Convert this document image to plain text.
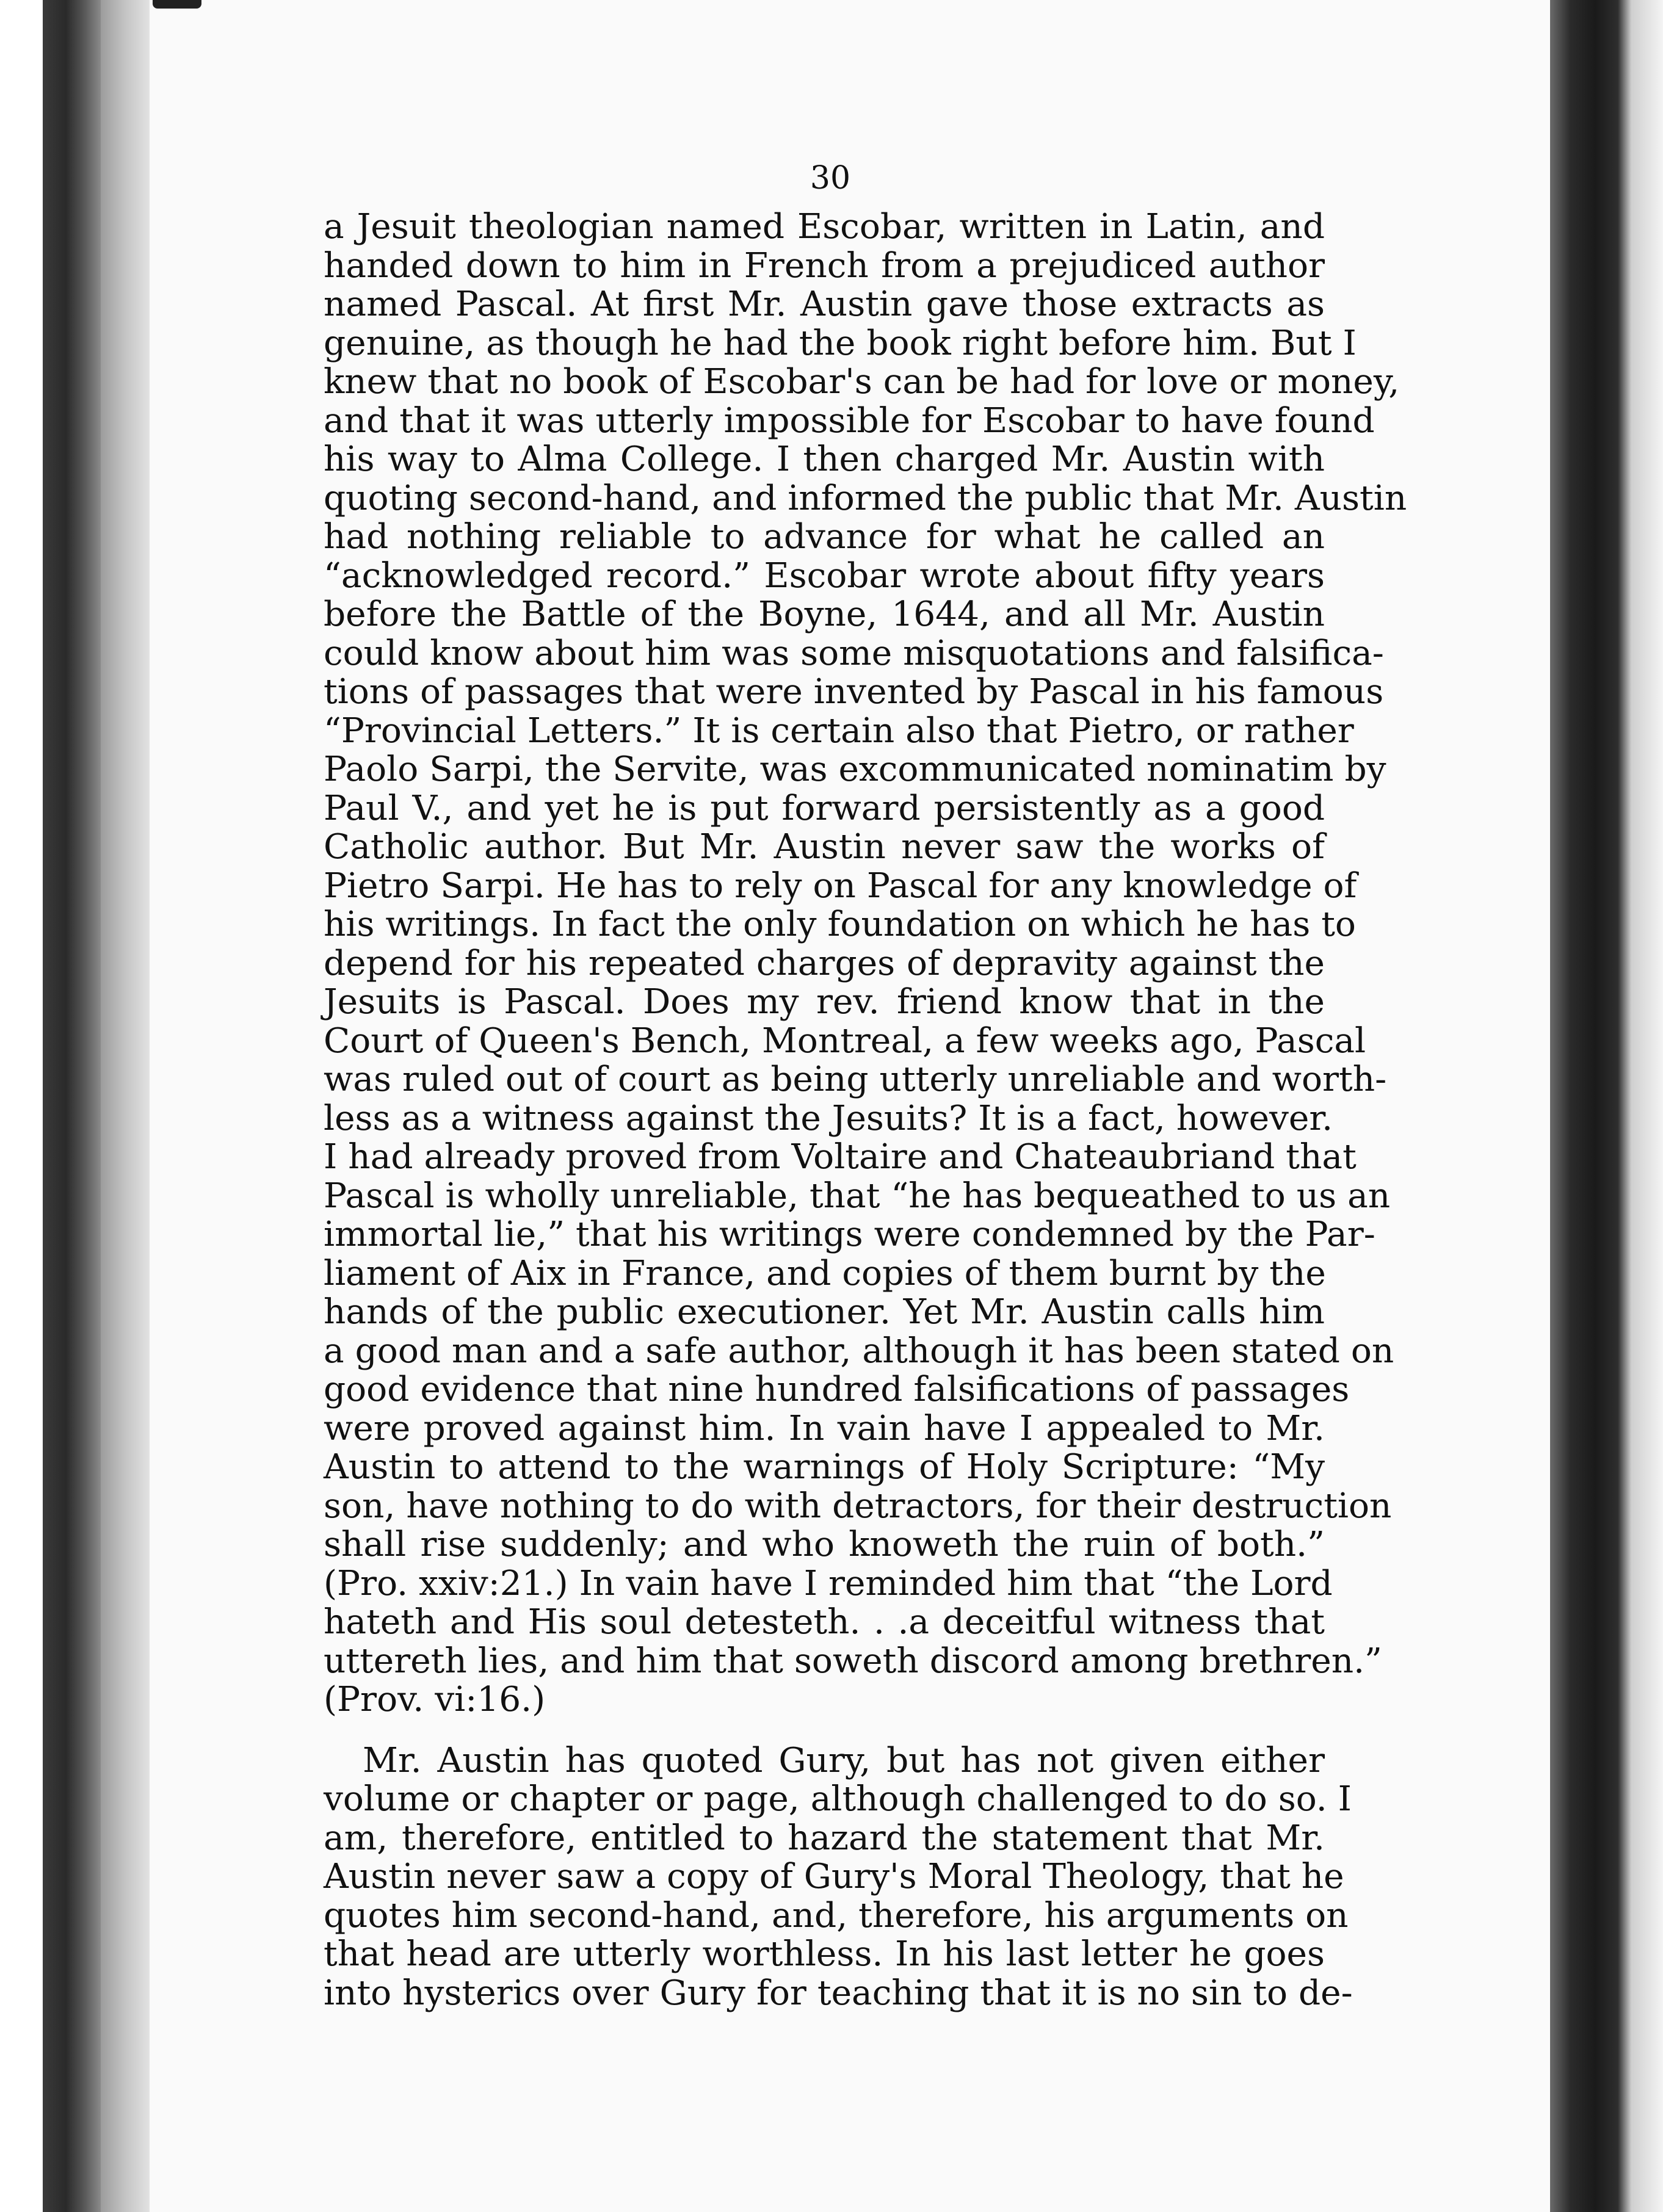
30
a Jesuit theologian named Escobar, written in Latin, and
handed down to him in French from a prejudiced author
named Pascal. At first Mr. Austin gave those extracts as
genuine, as though he had the book right before him. But I
knew that no book of Escobar's can be had for love or money,
and that it was utterly impossible for Escobar to have found
his way to Alma College. I then charged Mr. Austin with
quoting second-hand, and informed the public that Mr. Austin
had nothing reliable to advance for what he called an
“acknowledged record.” Escobar wrote about fifty years
before the Battle of the Boyne, 1644, and all Mr. Austin
could know about him was some misquotations and falsifica-
tions of passages that were invented by Pascal in his famous
“Provincial Letters.” It is certain also that Pietro, or rather
Paolo Sarpi, the Servite, was excommunicated nominatim by
Paul V., and yet he is put forward persistently as a good
Catholic author. But Mr. Austin never saw the works of
Pietro Sarpi. He has to rely on Pascal for any knowledge of
his writings. In fact the only foundation on which he has to
depend for his repeated charges of depravity against the
Jesuits is Pascal. Does my rev. friend know that in the
Court of Queen's Bench, Montreal, a few weeks ago, Pascal
was ruled out of court as being utterly unreliable and worth-
less as a witness against the Jesuits? It is a fact, however.
I had already proved from Voltaire and Chateaubriand that
Pascal is wholly unreliable, that “he has bequeathed to us an
immortal lie,” that his writings were condemned by the Par-
liament of Aix in France, and copies of them burnt by the
hands of the public executioner. Yet Mr. Austin calls him
a good man and a safe author, although it has been stated on
good evidence that nine hundred falsifications of passages
were proved against him. In vain have I appealed to Mr.
Austin to attend to the warnings of Holy Scripture: “My
son, have nothing to do with detractors, for their destruction
shall rise suddenly; and who knoweth the ruin of both.”
(Pro. xxiv:21.) In vain have I reminded him that “the Lord
hateth and His soul detesteth. . .a deceitful witness that
uttereth lies, and him that soweth discord among brethren.”
(Prov. vi:16.)
Mr. Austin has quoted Gury, but has not given either
volume or chapter or page, although challenged to do so. I
am, therefore, entitled to hazard the statement that Mr.
Austin never saw a copy of Gury's Moral Theology, that he
quotes him second-hand, and, therefore, his arguments on
that head are utterly worthless. In his last letter he goes
into hysterics over Gury for teaching that it is no sin to de-
